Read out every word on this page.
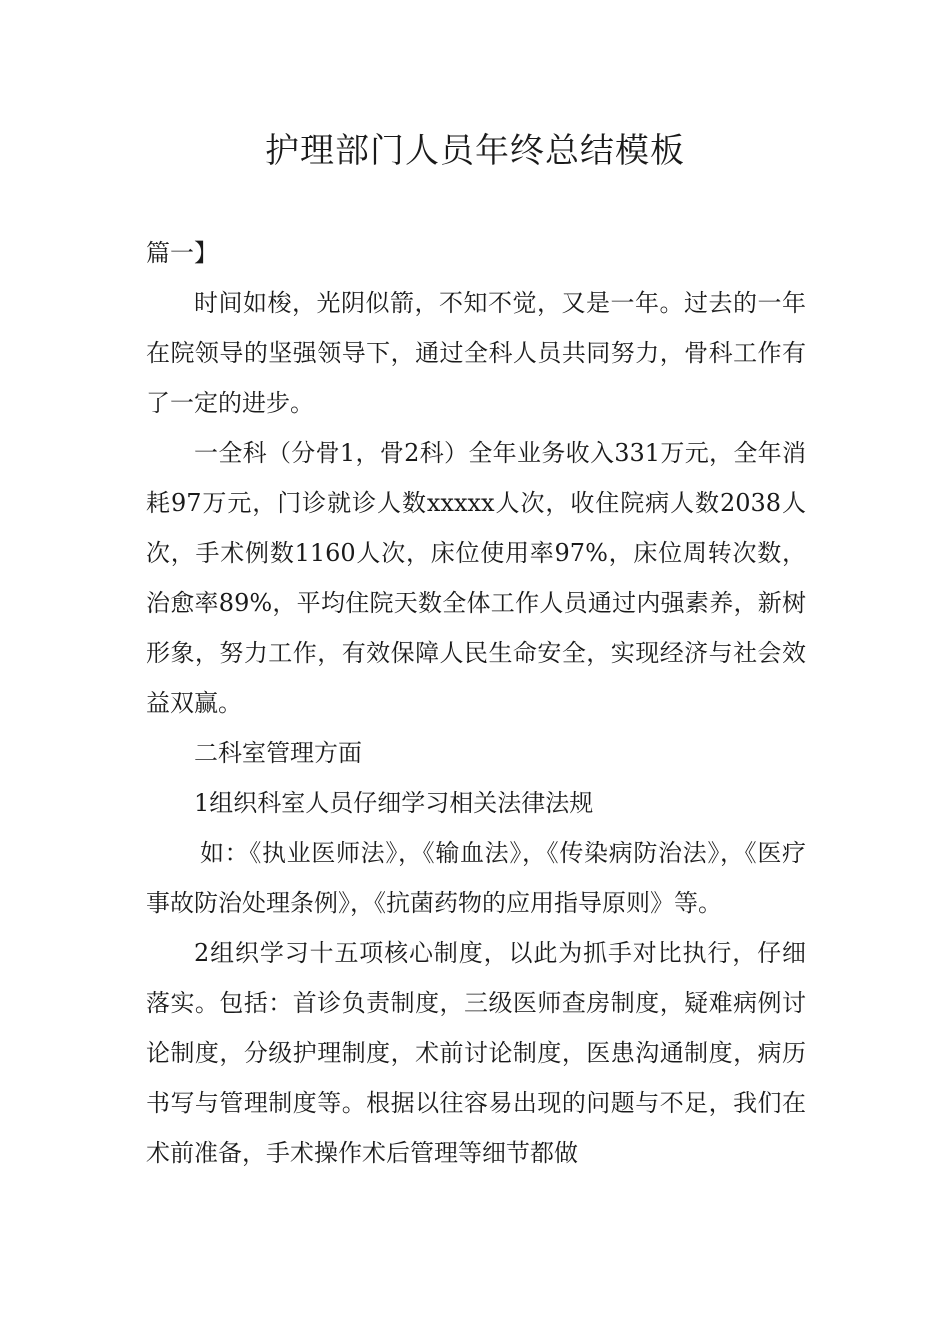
护理部门人员年终总结模板

篇一】

时间如梭，光阴似箭，不知不觉，又是一年。过去的一年在院领导的坚强领导下，通过全科人员共同努力，骨科工作有了一定的进步。

一全科（分骨1，骨2科）全年业务收入331万元，全年消耗97万元，门诊就诊人数xxxxx人次，收住院病人数2038人次，手术例数1160人次，床位使用率97%，床位周转次数，治愈率89%，平均住院天数全体工作人员通过内强素养，新树形象，努力工作，有效保障人民生命安全，实现经济与社会效益双赢。

二科室管理方面

1组织科室人员仔细学习相关法律法规

如：《执业医师法》，《输血法》，《传染病防治法》，《医疗事故防治处理条例》，《抗菌药物的应用指导原则》等。

2组织学习十五项核心制度，以此为抓手对比执行，仔细落实。包括：首诊负责制度，三级医师查房制度，疑难病例讨论制度，分级护理制度，术前讨论制度，医患沟通制度，病历书写与管理制度等。根据以往容易出现的问题与不足，我们在术前准备，手术操作术后管理等细节都做
